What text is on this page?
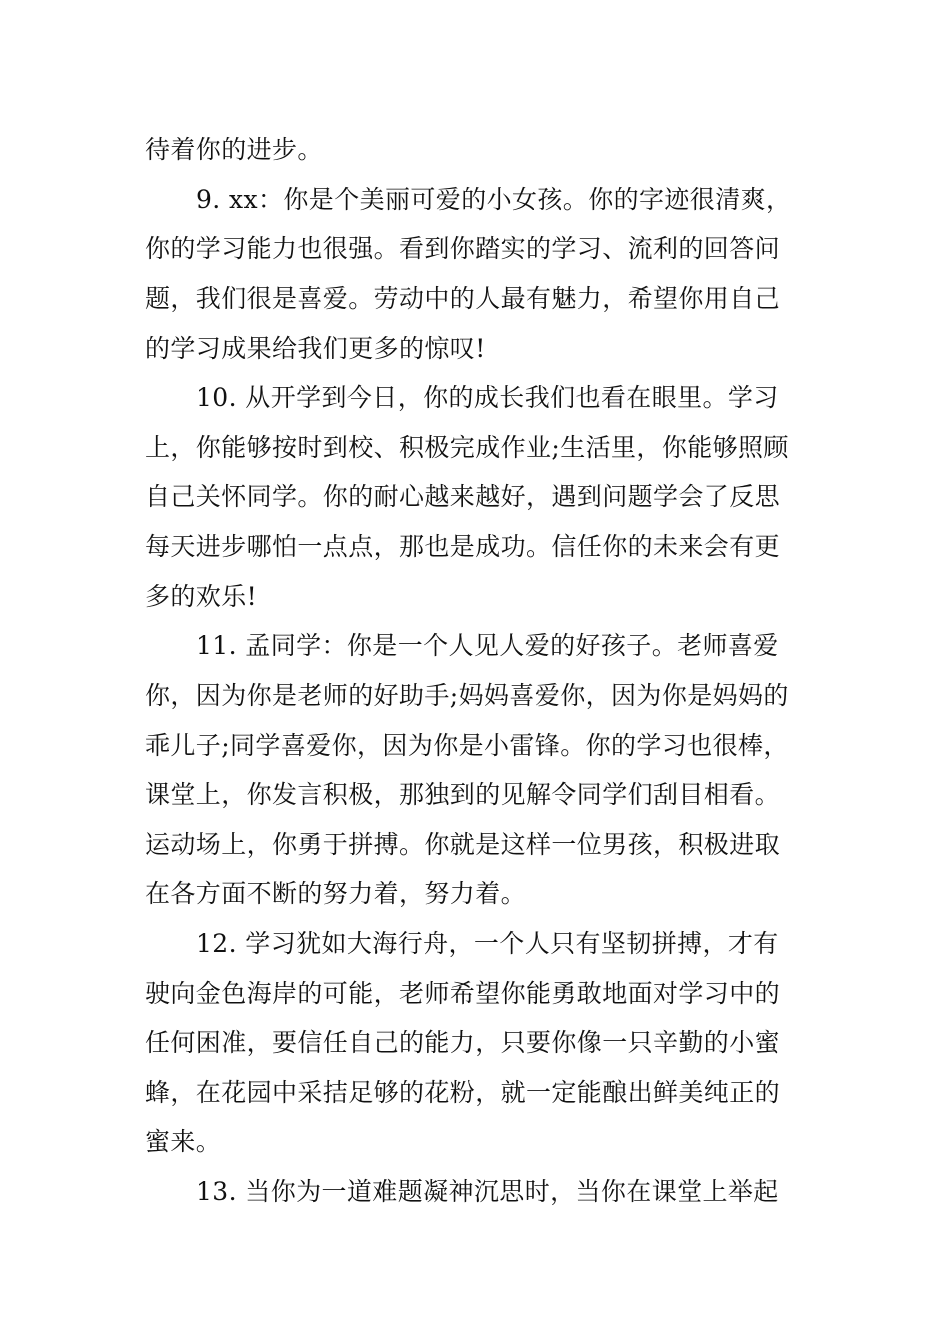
待着你的进步。
9. xx：你是个美丽可爱的小女孩。你的字迹很清爽，
你的学习能力也很强。看到你踏实的学习、流利的回答问
题，我们很是喜爱。劳动中的人最有魅力，希望你用自己
的学习成果给我们更多的惊叹!
10. 从开学到今日，你的成长我们也看在眼里。学习
上，你能够按时到校、积极完成作业;生活里，你能够照顾
自己关怀同学。你的耐心越来越好，遇到问题学会了反思
每天进步哪怕一点点，那也是成功。信任你的未来会有更
多的欢乐!
11. 孟同学：你是一个人见人爱的好孩子。老师喜爱
你，因为你是老师的好助手;妈妈喜爱你，因为你是妈妈的
乖儿子;同学喜爱你，因为你是小雷锋。你的学习也很棒，
课堂上，你发言积极，那独到的见解令同学们刮目相看。
运动场上，你勇于拼搏。你就是这样一位男孩，积极进取
在各方面不断的努力着，努力着。
12. 学习犹如大海行舟，一个人只有坚韧拼搏，才有
驶向金色海岸的可能，老师希望你能勇敢地面对学习中的
任何困准，要信任自己的能力，只要你像一只辛勤的小蜜
蜂，在花园中采拮足够的花粉，就一定能酿出鲜美纯正的
蜜来。
13. 当你为一道难题凝神沉思时，当你在课堂上举起
